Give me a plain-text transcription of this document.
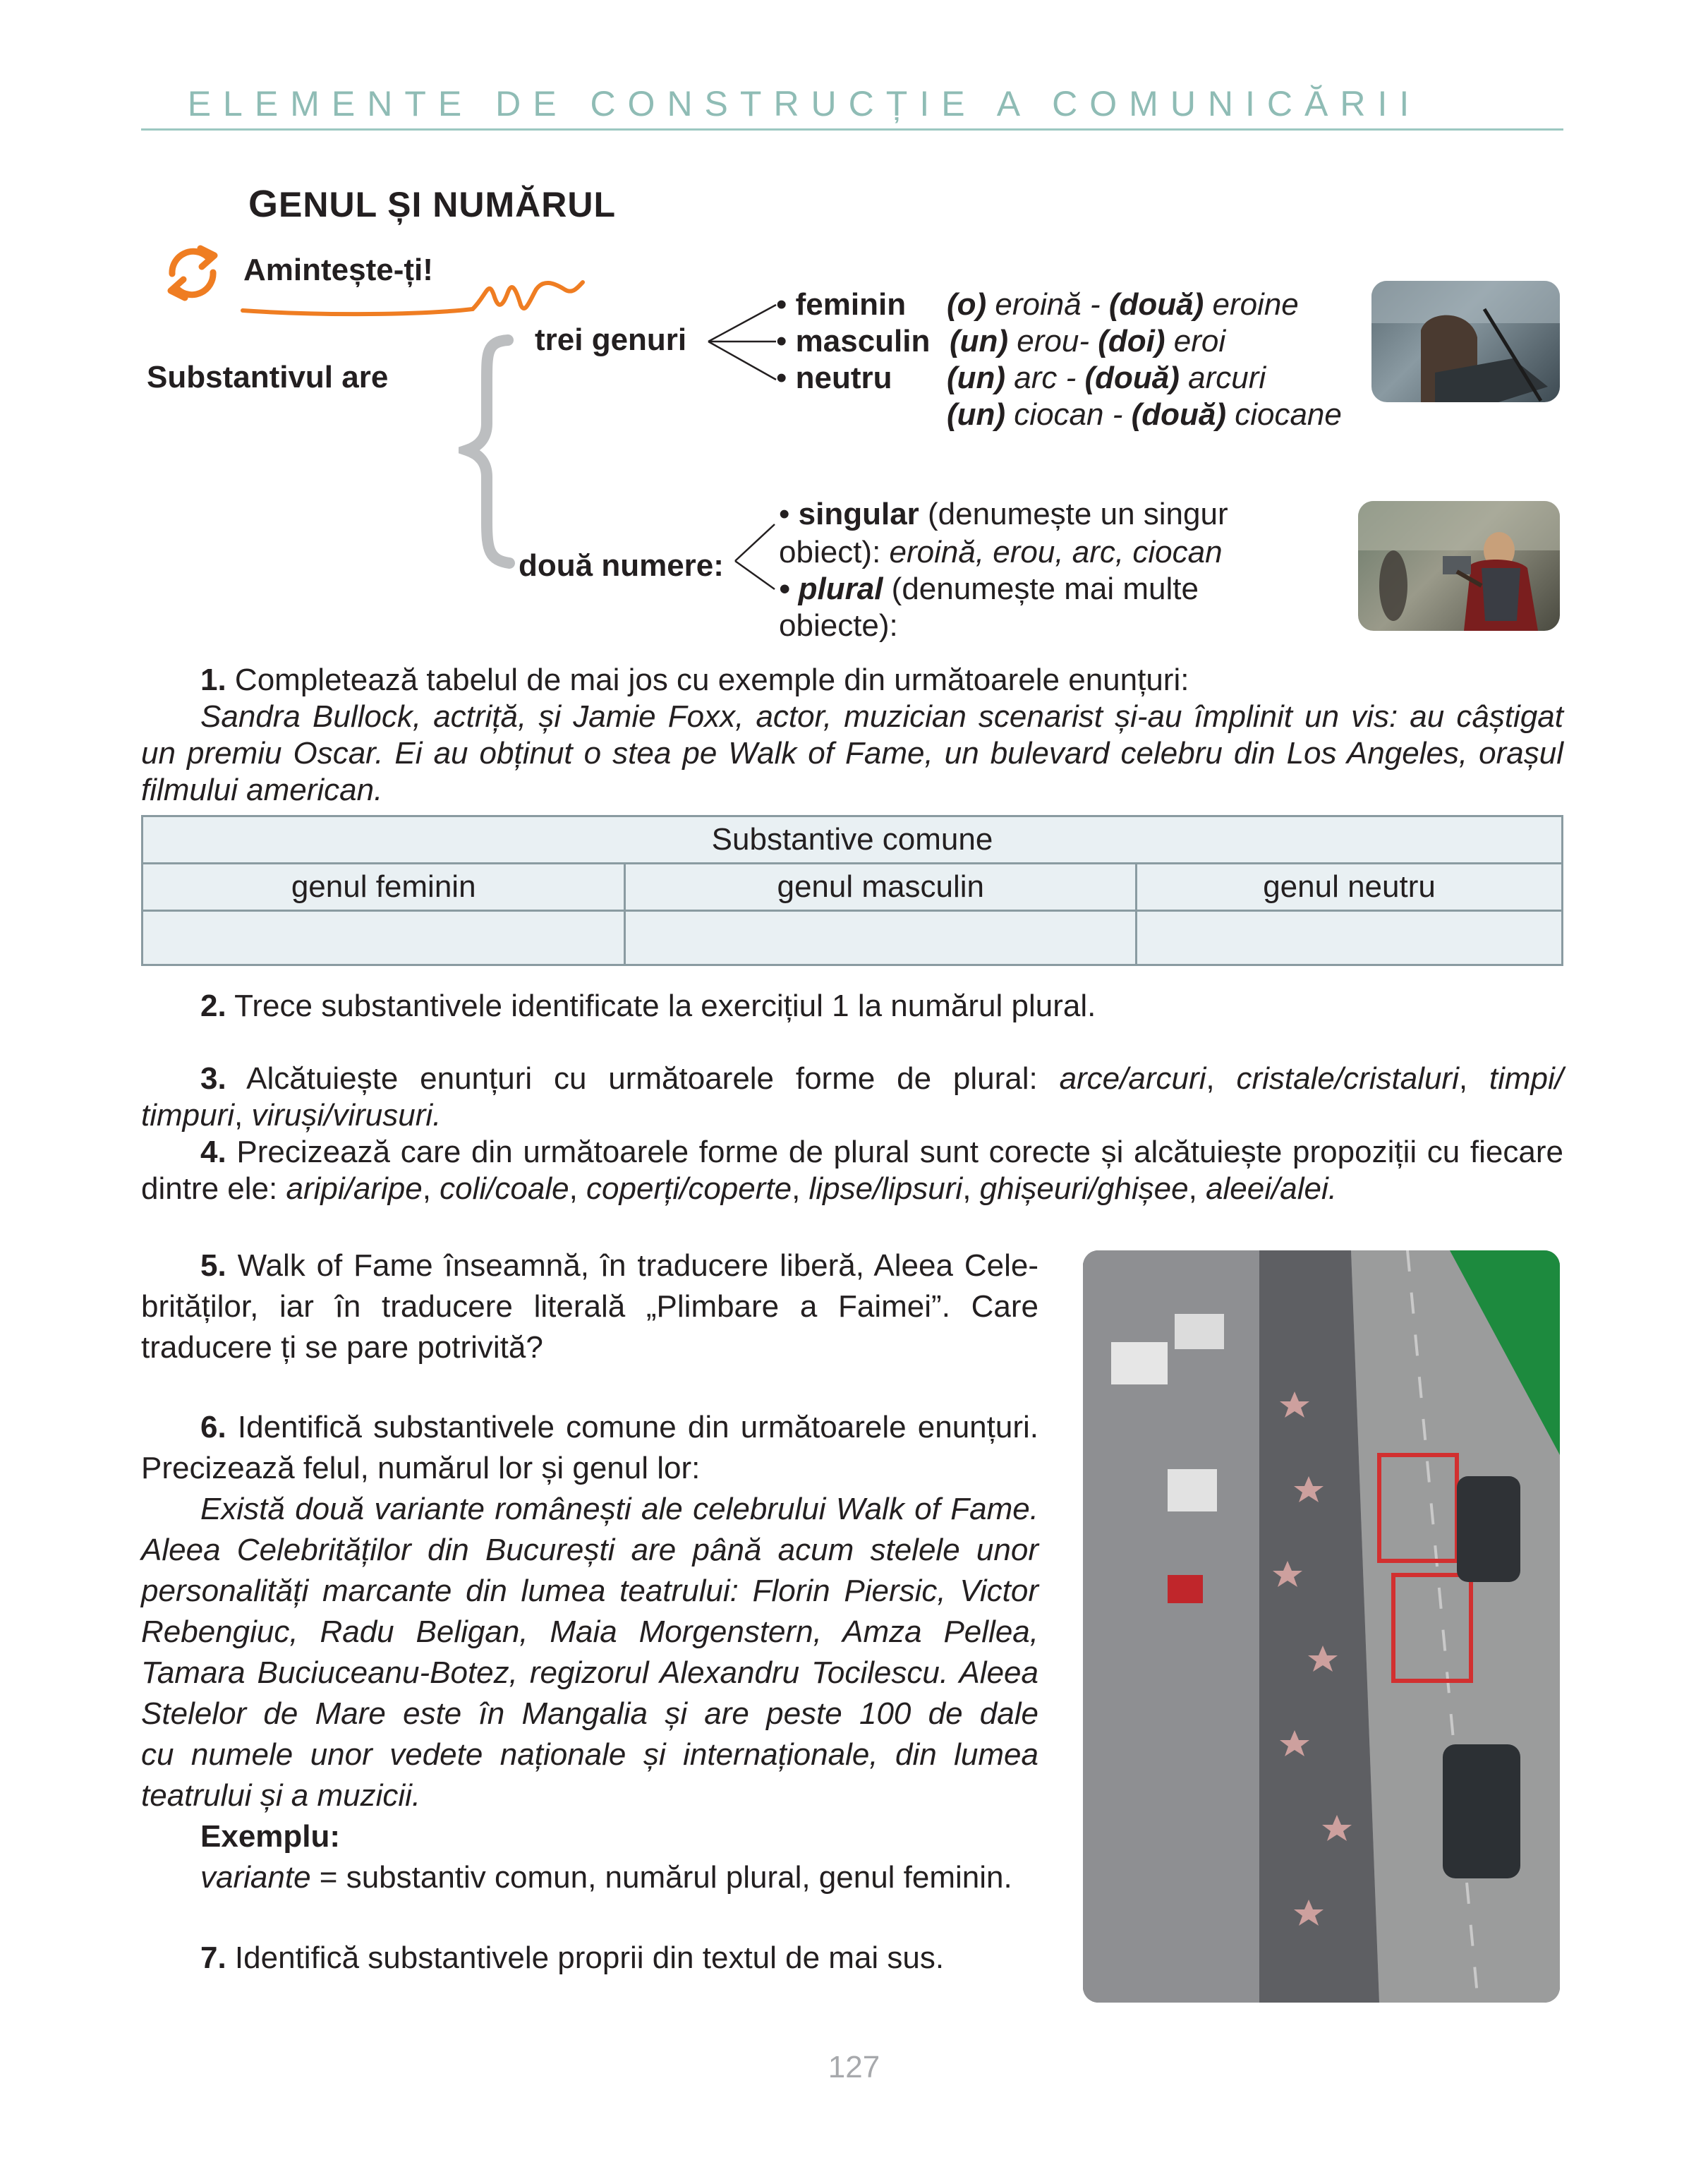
ELEMENTE DE CONSTRUCȚIE A COMUNICĂRII
GENUL ȘI NUMĂRUL
Amintește-ți!
Substantivul are
trei genuri
• feminin (o) eroină - (două) eroine
• masculin (un) erou- (doi) eroi
• neutru (un) arc - (două) arcuri
(un) ciocan - (două) ciocane
două numere:
• singular (denumește un singur
obiect): eroină, erou, arc, ciocan
• plural (denumește mai multe
obiecte):
1. Completează tabelul de mai jos cu exemple din următoarele enunțuri:
Sandra Bullock, actriță, și Jamie Foxx, actor, muzician scenarist și-au împlinit un vis: au câștigat
un premiu Oscar. Ei au obținut o stea pe Walk of Fame, un bulevard celebru din Los Angeles, orașul
filmului american.
Substantive comune		
genul feminin	genul masculin	genul neutru

2. Trece substantivele identificate la exercițiul 1 la numărul plural.
3. Alcătuiește enunțuri cu următoarele forme de plural: arce/arcuri, cristale/cristaluri, timpi/
timpuri, viruși/virusuri.
4. Precizează care din următoarele forme de plural sunt corecte și alcătuiește propoziții cu fiecare
dintre ele: aripi/aripe, coli/coale, coperți/coperte, lipse/lipsuri, ghișeuri/ghișee, aleei/alei.
5. Walk of Fame înseamnă, în traducere liberă, Aleea Cele-
brităților, iar în traducere literală „Plimbare a Faimei”. Care
traducere ți se pare potrivită?
6. Identifică substantivele comune din următoarele enunțuri.
Precizează felul, numărul lor și genul lor:
Există două variante românești ale celebrului Walk of Fame.
Aleea Celebrităților din București are până acum stelele unor
personalități marcante din lumea teatrului: Florin Piersic, Victor
Rebengiuc, Radu Beligan, Maia Morgenstern, Amza Pellea,
Tamara Buciuceanu-Botez, regizorul Alexandru Tocilescu. Aleea
Stelelor de Mare este în Mangalia și are peste 100 de dale
cu numele unor vedete naționale și internaționale, din lumea
teatrului și a muzicii.
Exemplu:
variante = substantiv comun, numărul plural, genul feminin.
7. Identifică substantivele proprii din textul de mai sus.
127
